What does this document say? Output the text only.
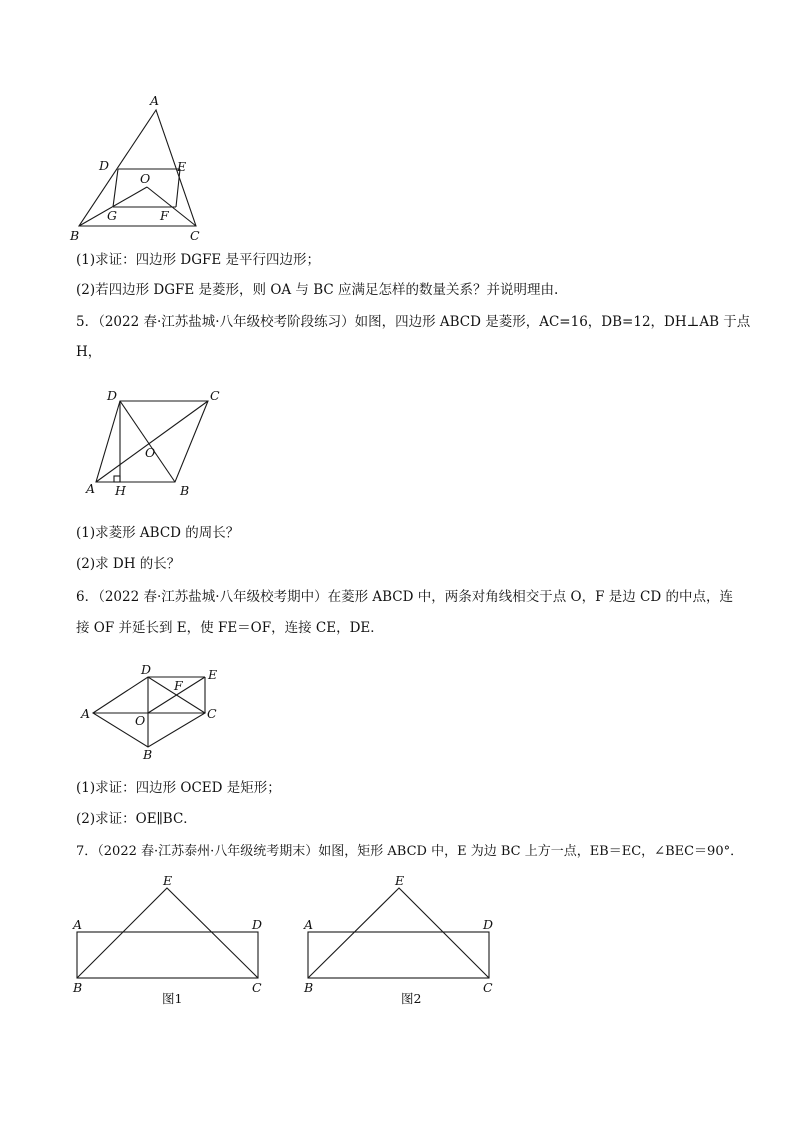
A
D	E
O
G	F
B	C
D	C
O
A H	B
D	E
F
A	O	C
B
E
A	D
B	C
图1
E
A	D
B	C
图2
(1)求证：四边形 DGFE 是平行四边形；
(2)若四边形 DGFE 是菱形，则 OA 与 BC 应满足怎样的数量关系？并说明理由.
5．（2022 春·江苏盐城·八年级校考阶段练习）如图，四边形 ABCD 是菱形，AC=16，DB=12，DH⊥AB 于点
H，
(1)求菱形 ABCD 的周长？
(2)求 DH 的长？
6．（2022 春·江苏盐城·八年级校考期中）在菱形 ABCD 中，两条对角线相交于点 O，F 是边 CD 的中点，连
接 OF 并延长到 E，使 FE＝OF，连接 CE，DE．
(1)求证：四边形 OCED 是矩形；
(2)求证：OE∥BC．
7．（2022 春·江苏泰州·八年级统考期末）如图，矩形 ABCD 中，E 为边 BC 上方一点，EB＝EC，∠BEC＝90°．
